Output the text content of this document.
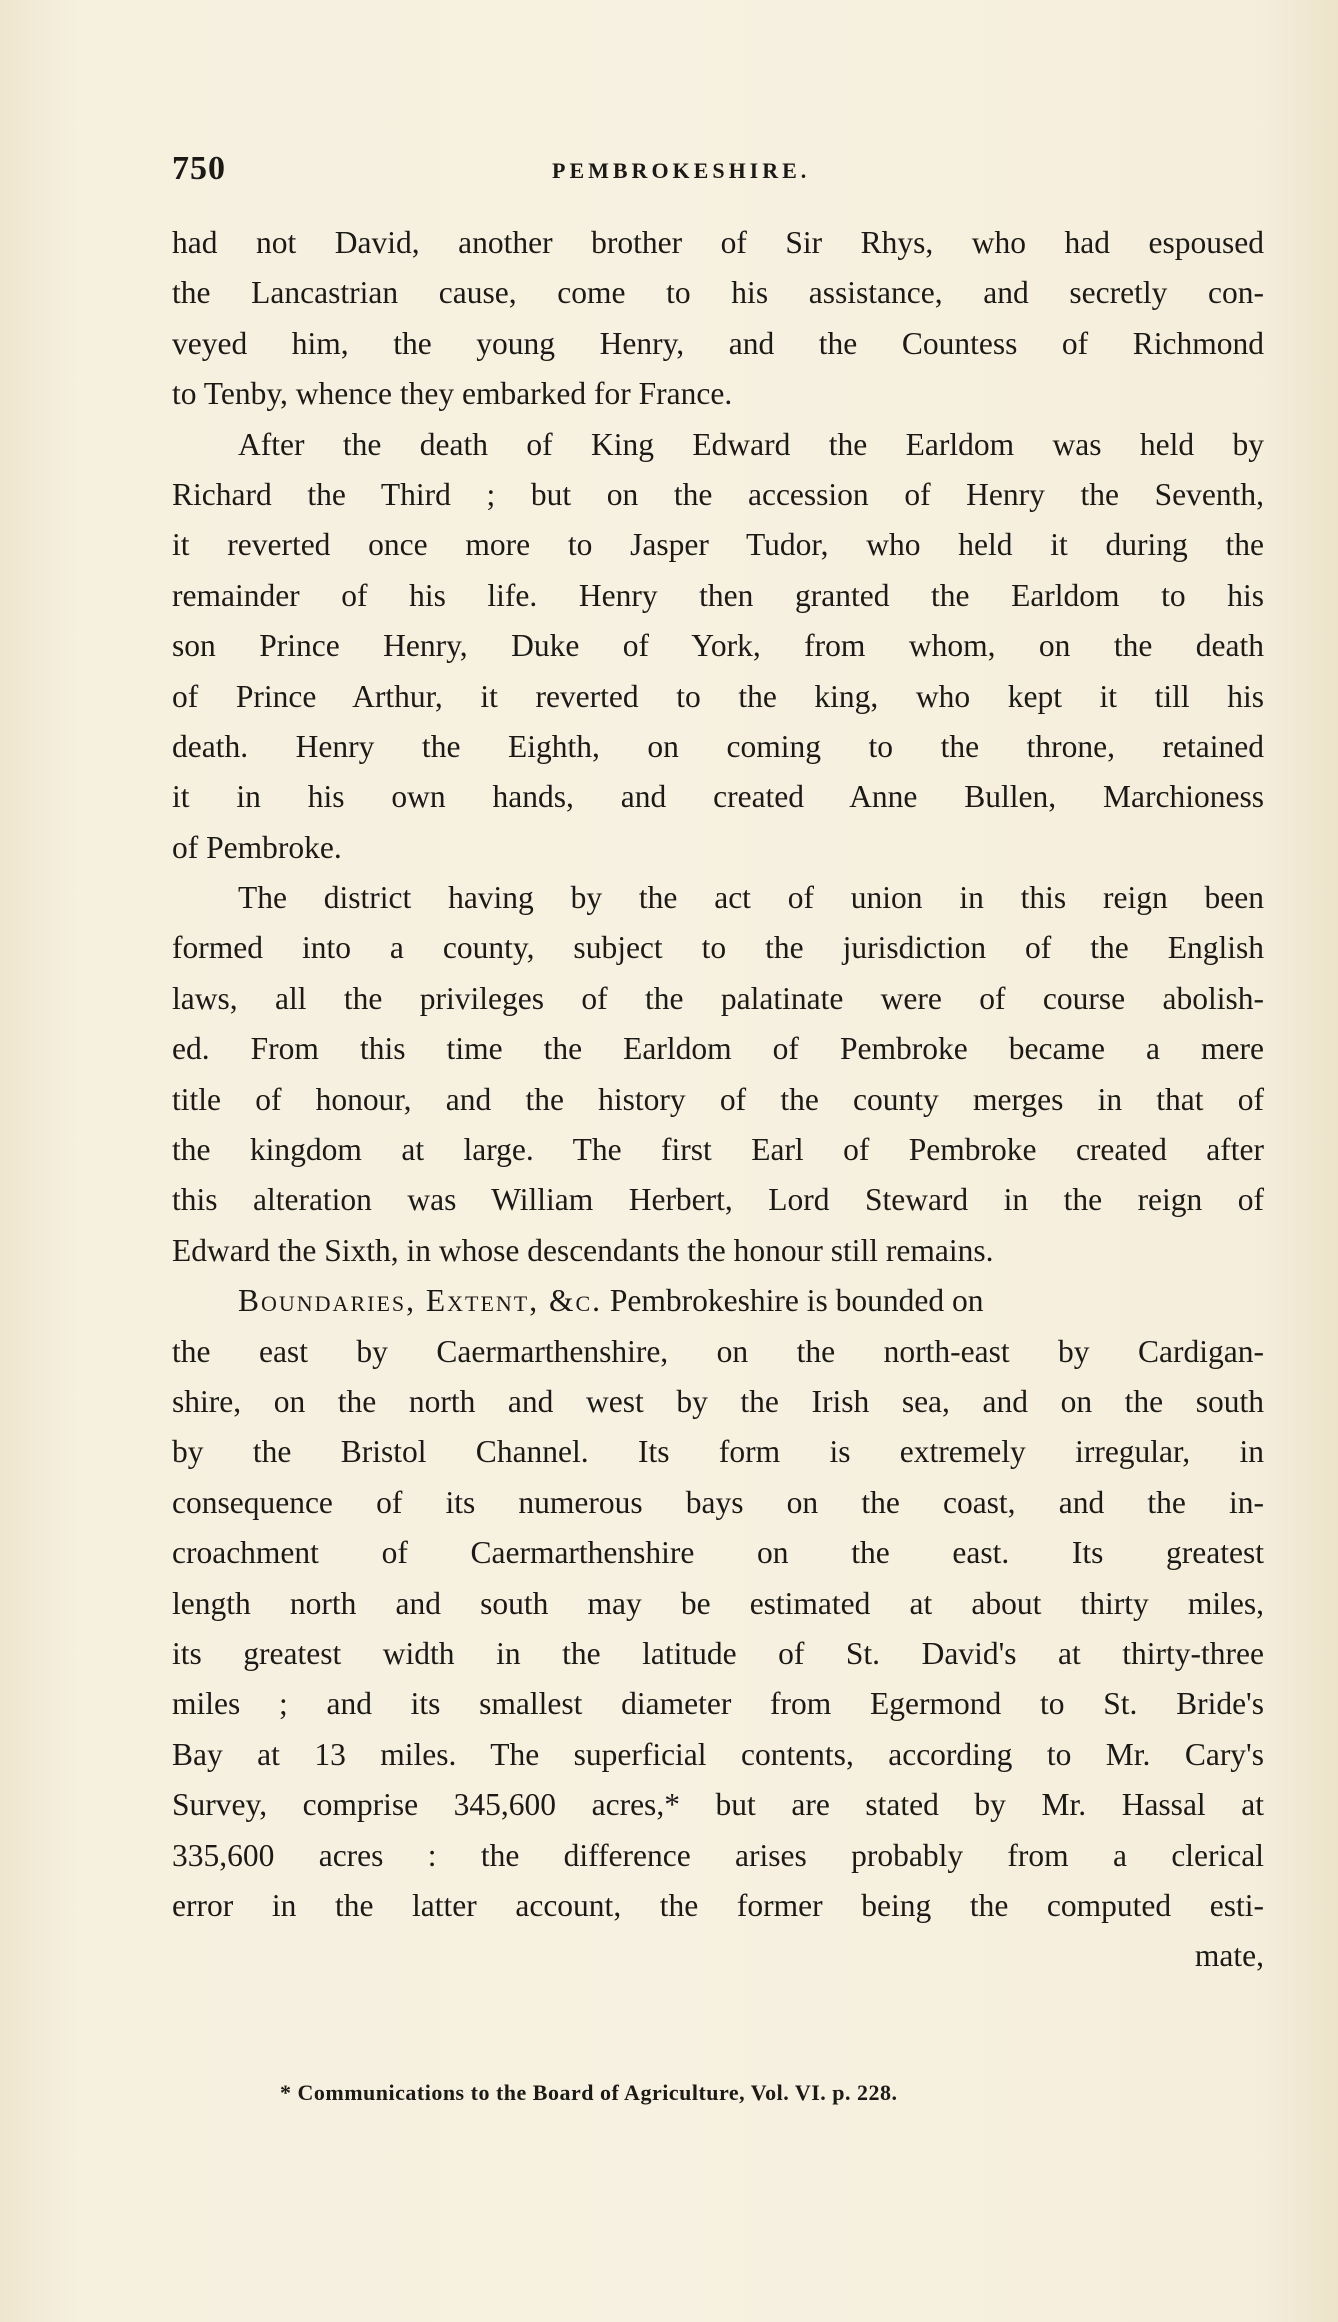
750	PEMBROKESHIRE.
had not David, another brother of Sir Rhys, who had espoused
the Lancastrian cause, come to his assistance, and secretly con-
veyed him, the young Henry, and the Countess of Richmond
to Tenby, whence they embarked for France.
After the death of King Edward the Earldom was held by
Richard the Third ; but on the accession of Henry the Seventh,
it reverted once more to Jasper Tudor, who held it during the
remainder of his life. Henry then granted the Earldom to his
son Prince Henry, Duke of York, from whom, on the death
of Prince Arthur, it reverted to the king, who kept it till his
death. Henry the Eighth, on coming to the throne, retained
it in his own hands, and created Anne Bullen, Marchioness
of Pembroke.
The district having by the act of union in this reign been
formed into a county, subject to the jurisdiction of the English
laws, all the privileges of the palatinate were of course abolish-
ed. From this time the Earldom of Pembroke became a mere
title of honour, and the history of the county merges in that of
the kingdom at large. The first Earl of Pembroke created after
this alteration was William Herbert, Lord Steward in the reign of
Edward the Sixth, in whose descendants the honour still remains.
Boundaries, Extent, &c. Pembrokeshire is bounded on
the east by Caermarthenshire, on the north-east by Cardigan-
shire, on the north and west by the Irish sea, and on the south
by the Bristol Channel. Its form is extremely irregular, in
consequence of its numerous bays on the coast, and the in-
croachment of Caermarthenshire on the east. Its greatest
length north and south may be estimated at about thirty miles,
its greatest width in the latitude of St. David's at thirty-three
miles ; and its smallest diameter from Egermond to St. Bride's
Bay at 13 miles. The superficial contents, according to Mr. Cary's
Survey, comprise 345,600 acres,* but are stated by Mr. Hassal at
335,600 acres : the difference arises probably from a clerical
error in the latter account, the former being the computed esti-
mate,
* Communications to the Board of Agriculture, Vol. VI. p. 228.
